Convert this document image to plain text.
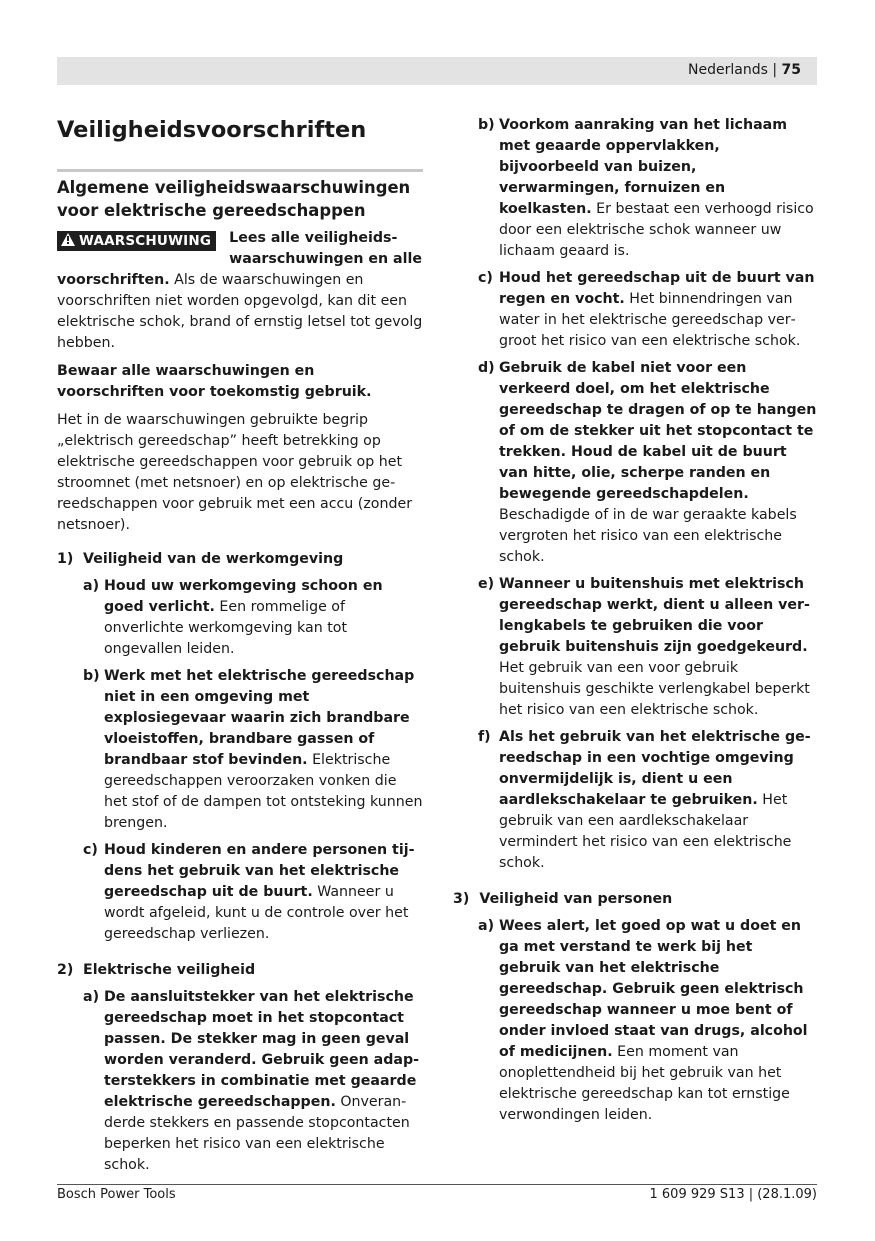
Nederlands | 75
Veiligheidsvoorschriften
Algemene veiligheidswaarschuwingen voor elektrische gereedschappen

WAARSCHUWING	Lees alle veiligheidswaarschuwingen en alle voorschriften. Als de waarschuwingen en voorschriften niet worden opgevolgd, kan dit een elektrische schok, brand of ernstig letsel tot gevolg hebben.

Bewaar alle waarschuwingen en voorschriften voor toekomstig gebruik.

Het in de waarschuwingen gebruikte begrip „elektrisch gereedschap” heeft betrekking op elektrische gereedschappen voor gebruik op het stroomnet (met netsnoer) en op elektrische gereedschappen voor gebruik met een accu (zonder netsnoer).

1) Veiligheid van de werkomgeving
a) Houd uw werkomgeving schoon en goed verlicht. Een rommelige of onverlichte werkomgeving kan tot ongevallen leiden.
b) Werk met het elektrische gereedschap niet in een omgeving met explosiegevaar waarin zich brandbare vloeistoffen, brandbare gassen of brandbaar stof bevinden. Elektrische gereedschappen veroorzaken vonken die het stof of de dampen tot ontsteking kunnen brengen.
c) Houd kinderen en andere personen tijdens het gebruik van het elektrische gereedschap uit de buurt. Wanneer u wordt afgeleid, kunt u de controle over het gereedschap verliezen.
2) Elektrische veiligheid
a) De aansluitstekker van het elektrische gereedschap moet in het stopcontact passen. De stekker mag in geen geval worden veranderd. Gebruik geen adapterstekkers in combinatie met geaarde elektrische gereedschappen. Onveranderde stekkers en passende stopcontacten beperken het risico van een elektrische schok.
b) Voorkom aanraking van het lichaam met geaarde oppervlakken, bijvoorbeeld van buizen, verwarmingen, fornuizen en koelkasten. Er bestaat een verhoogd risico door een elektrische schok wanneer uw lichaam geaard is.
c) Houd het gereedschap uit de buurt van regen en vocht. Het binnendringen van water in het elektrische gereedschap vergroot het risico van een elektrische schok.
d) Gebruik de kabel niet voor een verkeerd doel, om het elektrische gereedschap te dragen of op te hangen of om de stekker uit het stopcontact te trekken. Houd de kabel uit de buurt van hitte, olie, scherpe randen en bewegende gereedschapdelen. Beschadigde of in de war geraakte kabels vergroten het risico van een elektrische schok.
e) Wanneer u buitenshuis met elektrisch gereedschap werkt, dient u alleen verlengkabels te gebruiken die voor gebruik buitenshuis zijn goedgekeurd. Het gebruik van een voor gebruik buitenshuis geschikte verlengkabel beperkt het risico van een elektrische schok.
f) Als het gebruik van het elektrische gereedschap in een vochtige omgeving onvermijdelijk is, dient u een aardlekschakelaar te gebruiken. Het gebruik van een aardlekschakelaar vermindert het risico van een elektrische schok.
3) Veiligheid van personen
a) Wees alert, let goed op wat u doet en ga met verstand te werk bij het gebruik van het elektrische gereedschap. Gebruik geen elektrisch gereedschap wanneer u moe bent of onder invloed staat van drugs, alcohol of medicijnen. Een moment van onoplettendheid bij het gebruik van het elektrische gereedschap kan tot ernstige verwondingen leiden.
Bosch Power Tools	1 609 929 S13 | (28.1.09)
